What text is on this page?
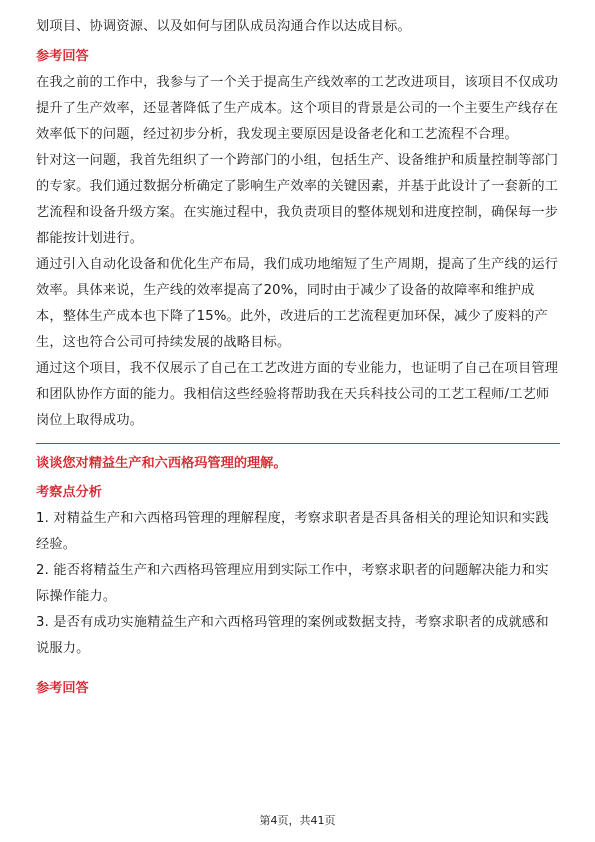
划项目、协调资源、以及如何与团队成员沟通合作以达成目标。

参考回答

在我之前的工作中，我参与了一个关于提高生产线效率的工艺改进项目，该项目不仅成功提升了生产效率，还显著降低了生产成本。这个项目的背景是公司的一个主要生产线存在效率低下的问题，经过初步分析，我发现主要原因是设备老化和工艺流程不合理。

针对这一问题，我首先组织了一个跨部门的小组，包括生产、设备维护和质量控制等部门的专家。我们通过数据分析确定了影响生产效率的关键因素，并基于此设计了一套新的工艺流程和设备升级方案。在实施过程中，我负责项目的整体规划和进度控制，确保每一步都能按计划进行。

通过引入自动化设备和优化生产布局，我们成功地缩短了生产周期，提高了生产线的运行效率。具体来说，生产线的效率提高了20%，同时由于减少了设备的故障率和维护成本，整体生产成本也下降了15%。此外，改进后的工艺流程更加环保，减少了废料的产生，这也符合公司可持续发展的战略目标。

通过这个项目，我不仅展示了自己在工艺改进方面的专业能力，也证明了自己在项目管理和团队协作方面的能力。我相信这些经验将帮助我在天兵科技公司的工艺工程师/工艺师岗位上取得成功。

谈谈您对精益生产和六西格玛管理的理解。

考察点分析

1. 对精益生产和六西格玛管理的理解程度，考察求职者是否具备相关的理论知识和实践经验。

2. 能否将精益生产和六西格玛管理应用到实际工作中，考察求职者的问题解决能力和实际操作能力。

3. 是否有成功实施精益生产和六西格玛管理的案例或数据支持，考察求职者的成就感和说服力。

参考回答

第4页，共41页
